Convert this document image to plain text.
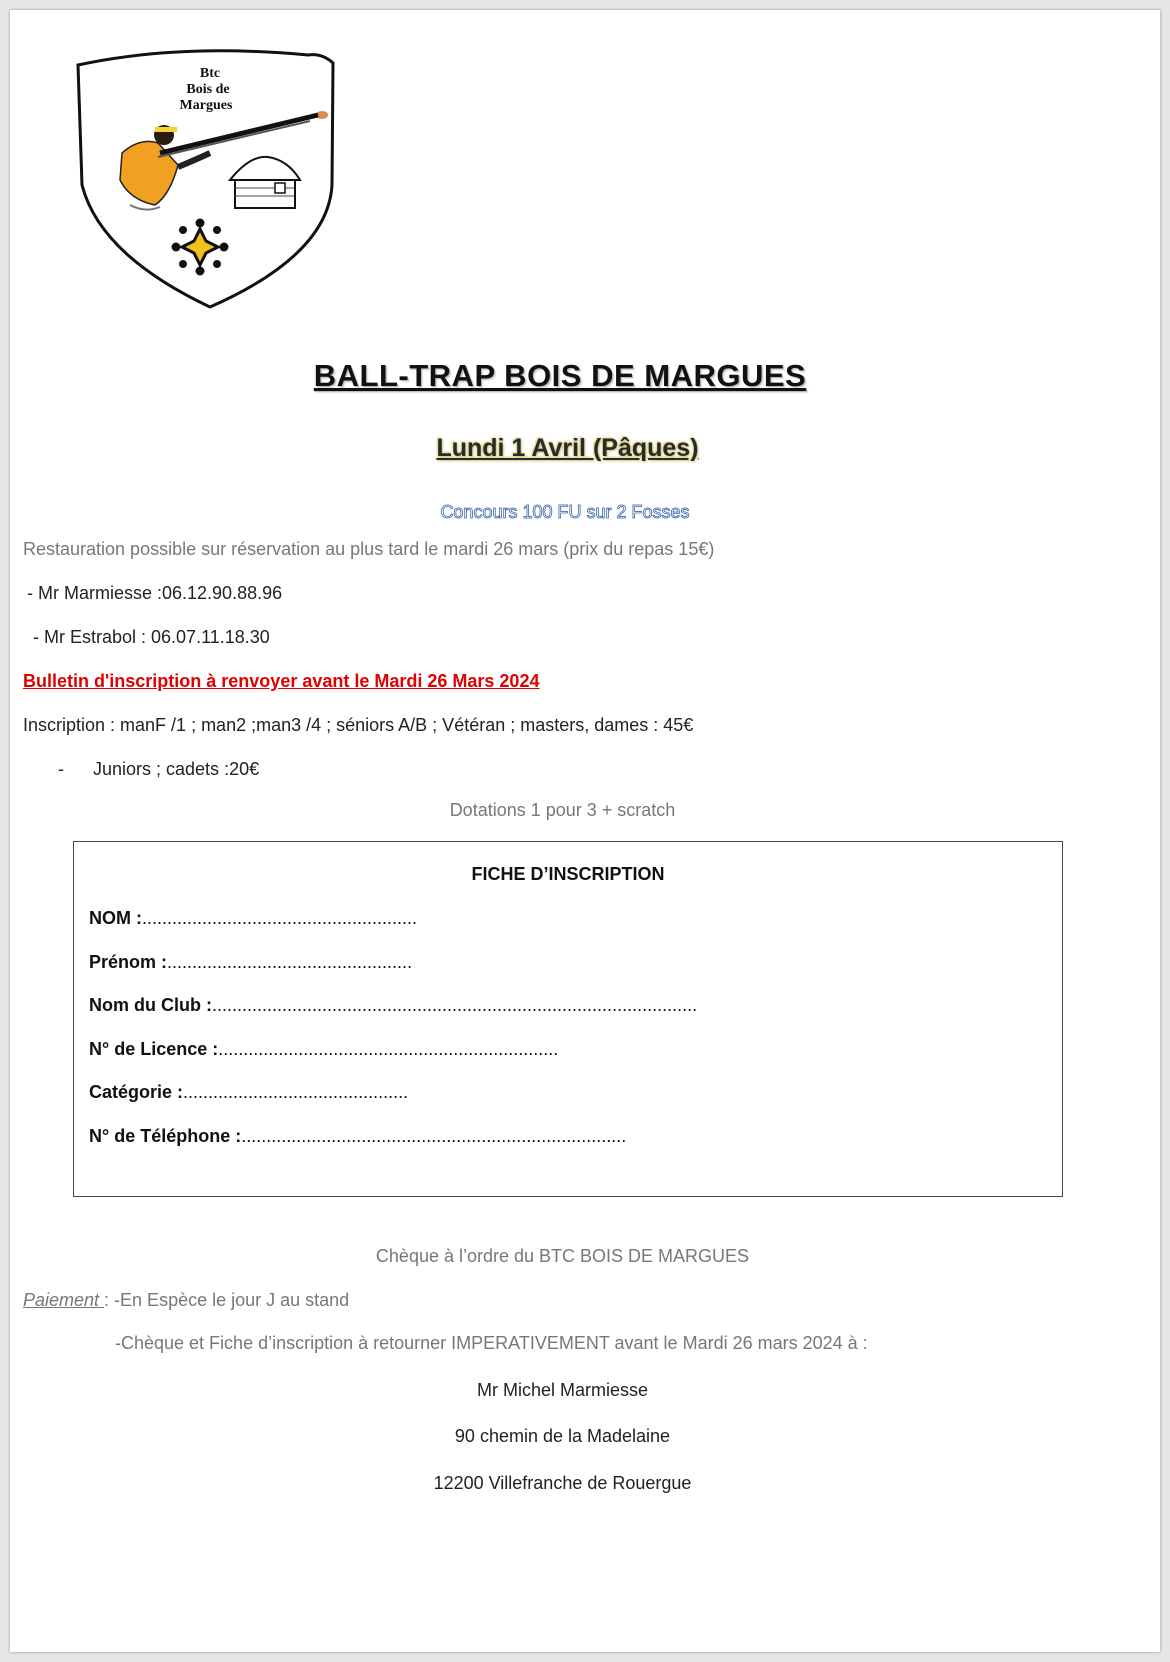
Btc
Bois de
Margues
BALL-TRAP BOIS DE MARGUES
Lundi 1 Avril (Pâques)
Concours 100 FU sur 2 Fosses
Restauration possible sur réservation au plus tard le mardi 26 mars (prix du repas 15€)
- Mr Marmiesse :06.12.90.88.96
- Mr Estrabol : 06.07.11.18.30
Bulletin d'inscription à renvoyer avant le Mardi 26 Mars 2024
Inscription : manF /1 ; man2 ;man3 /4 ; séniors A/B ; Vétéran ; masters, dames : 45€
- Juniors ; cadets :20€
Dotations 1 pour 3 + scratch
FICHE D’INSCRIPTION
NOM :.......................................................
Prénom :.................................................
Nom du Club :.................................................................................................
N° de Licence :....................................................................
Catégorie :.............................................
N° de Téléphone :.............................................................................
Chèque à l’ordre du BTC BOIS DE MARGUES
Paiement : -En Espèce le jour J au stand
-Chèque et Fiche d’inscription à retourner IMPERATIVEMENT avant le Mardi 26 mars 2024 à :
Mr Michel Marmiesse
90 chemin de la Madelaine
12200 Villefranche de Rouergue
